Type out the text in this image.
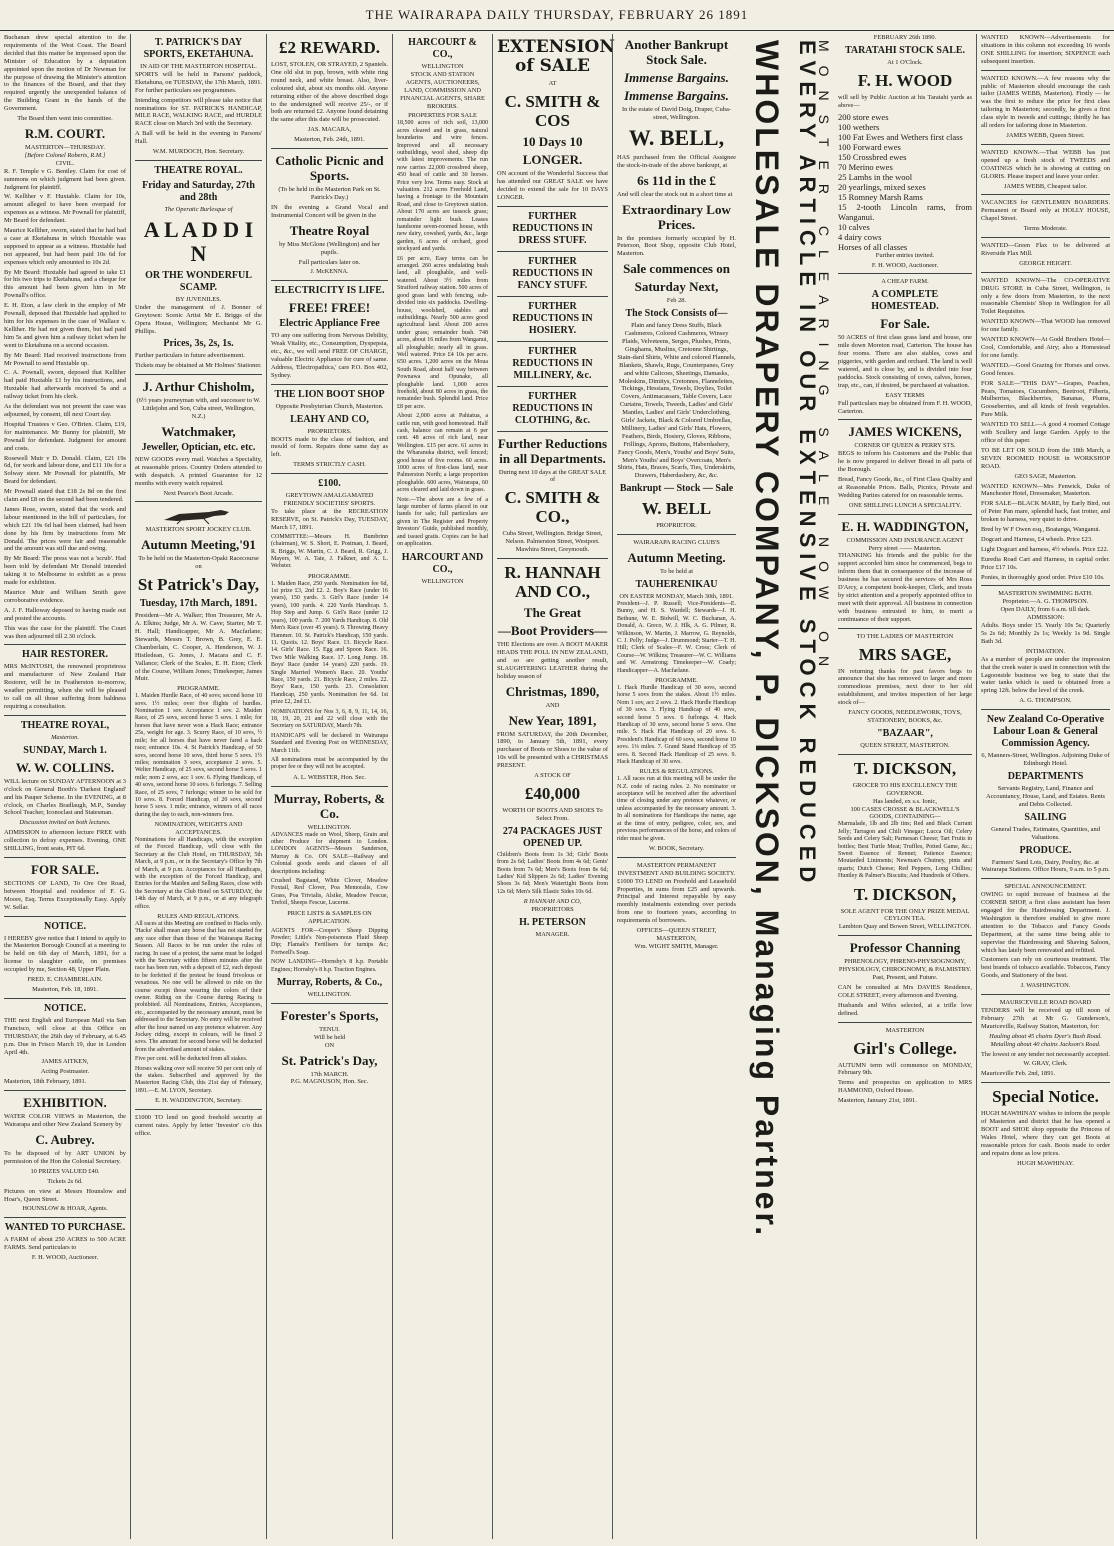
THE WAIRARAPA DAILY THURSDAY, FEBRUARY 26 1891

Buchanan drew special attention to the requirements of the West Coast. The Board decided that this matter be impressed upon the Minister of Education by a deputation appointed upon the motion of Dr Newman for the purpose of drawing the Minister's attention to the finances of the Board, and that they required urgently the unexpended balance of the Building Grant in the hands of the Government.

The Board then went into committee.

R.M. COURT.
MASTERTON—THURSDAY.
[Before Colonel Roberts, R.M.]
CIVIL.

R. F. Temple v G. Bentley. Claim for cost of summons on which judgment had been given. Judgment for plaintiff.

W. Kelliher v F. Huxtable. Claim for 10s, amount alleged to have been overpaid for expenses as a witness. Mr Pownall for plaintiff, Mr Beard for defendant.

Maurice Kelliher, sworn, stated that he had had a case at Eketahuna in which Huxtable was supposed to appear as a witness. Huxtable had not appeared, but had been paid 10s 6d for expenses which only amounted to 10s 2d.

By Mr Beard: Huxtable had agreed to take £1 for his two trips to Eketahuna, and a cheque for this amount had been given him in Mr Pownall's office.

E. H. Eton, a law clerk in the employ of Mr Pownall, deposed that Huxtable had applied to him for his expenses in the case of Wallace v. Kelliher. He had not given them, but had paid him 5s and given him a railway ticket when he went to Eketahuna on a second occasion.

By Mr Beard: Had received instructions from Mr Pownall to send Huxtable up.

C. A. Pownall, sworn, deposed that Kelliher had paid Huxtable £1 by his instructions, and Huxtable had afterwards received 5s and a railway ticket from his clerk.

As the defendant was not present the case was adjourned, by consent, till next Court day.

Hospital Trustees v Geo. O'Brien. Claim, £19, for maintenance. Mr Bunny for plaintiff, Mr Pownall for defendant. Judgment for amount and costs.

Rosewell Muir v D. Donald. Claim, £21 19s 6d, for work and labour done, and £11 10s for a Solway steer. Mr Pownall for plaintiffs, Mr Beard for defendant.

Mr Pownall stated that £18 2s 8d on the first claim and £8 on the second had been tendered.

James Rose, sworn, stated that the work and labour mentioned in the bill of particulars, for which £21 19s 6d had been claimed, had been done by his firm by instructions from Mr Donald. The prices were fair and reasonable and the amount was still due and owing.

By Mr Beard: The press was not a 'scrub'. Had been told by defendant Mr Donald intended taking it to Melbourne to exhibit as a press made for exhibition.

Maurice Muir and William Smith gave corroborative evidence.

A. J. F. Halloway deposed to having made out and posted the accounts.

This was the case for the plaintiff. The Court was then adjourned till 2.30 o'clock.

HAIR RESTORER.

MRS McINTOSH, the renowned proprietress and manufacturer of New Zealand Hair Restorer, will be in Featherston to-morrow, weather permitting, when she will be pleased to call on all those suffering from baldness requiring a consultation.

THEATRE ROYAL,
Masterton.
SUNDAY, March 1.
W. W. COLLINS.

WILL lecture on SUNDAY AFTERNOON at 3 o'clock on General Booth's 'Darkest England' and his Pauper Scheme. In the EVENING, at 8 o'clock, on Charles Bradlaugh, M.P., Sunday School Teacher, Iconoclast and Statesman.

Discussion invited on both lectures.

ADMISSION to afternoon lecture FREE with collection to defray expenses. Evening, ONE SHILLING, front seats, PIT 6d.

FOR SALE.

SECTIONS OF LAND, To Ore Ore Road, between Hospital and residence of F. G. Moore, Esq. Terms Exceptionally Easy. Apply W. Sellar.

NOTICE.

I HEREBY give notice that I intend to apply to the Masterton Borough Council at a meeting to be held on 6th day of March, 1891, for a license to slaughter cattle, on premises occupied by me, Section 48, Upper Plain.

FRED. E. CHAMBERLAIN.

Masterton, Feb. 18, 1891.

NOTICE.

THE next English and European Mail via San Francisco, will close at this Office on THURSDAY, the 26th day of February, at 6.45 p.m. Due in Frisco March 19, due in London April 4th.

JAMES AITKEN,

Acting Postmaster.

Masterton, 18th February, 1891.

EXHIBITION.

WATER COLOR VIEWS in Masterton, the Wairarapa and other New Zealand Scenery by

C. Aubrey.

To be disposed of by ART UNION by permission of the Hon the Colonial Secretary.

10 PRIZES VALUED £40.

Tickets 2s 6d.

Pictures on view at Messrs Hounslow and Hoar's, Queen Street.

HOUNSLOW & HOAR, Agents.

WANTED TO PURCHASE.

A FARM of about 250 ACRES to 500 ACRE FARMS. Send particulars to

F. H. WOOD, Auctioneer.

T. PATRICK'S DAY SPORTS, EKETAHUNA.
IN AID OF THE MASTERTON HOSPITAL.

SPORTS will be held in Parsons' paddock, Eketahuna, on TUESDAY, the 17th March, 1891. For further particulars see programmes.

Intending competitors will please take notice that nominations for ST. PATRICK'S HANDICAP, MILE RACE, WALKING RACE, and HURDLE RACE close on March 3rd with the Secretary.

A Ball will be held in the evening in Parsons' Hall.

W.M. MURDOCH, Hon. Secretary.

THEATRE ROYAL.
Friday and Saturday, 27th and 28th
The Operatic Burlesque of
A L A D D I N
OR THE WONDERFUL SCAMP.
BY JUVENILES.

Under the management of J. Bonner of Greytown: Scenic Artist Mr E. Briggs of the Opera House, Wellington; Mechanist Mr G. Phillips.

Prices, 3s, 2s, 1s.

Further particulars in future advertisement.

Tickets may be obtained at Mr Holmes' Stationer.

J. Arthur Chisholm,

(6½ years journeyman with, and successor to W. Littlejohn and Son, Cuba street, Wellington, N.Z.)

Watchmaker,
Jeweller, Optician, etc. etc.

NEW GOODS every mail. Watches a Speciality, at reasonable prices. Country Orders attended to with despatch. A printed Guarantee for 12 months with every watch repaired.

Next Pearce's Boot Arcade.

MASTERTON SPORT JOCKEY CLUB.
Autumn Meeting,'91
To be held on the Masterton-Opaki Racecourse on
St Patrick's Day,
Tuesday, 17th March, 1891.

President—Mr A. Walker; Hon Treasurer, Mr A. A. Elkins; Judge, Mr A. W. Cave; Starter, Mr T. H. Hall; Handicapper, Mr A. Macfarlane; Stewards, Messrs T. Brown, B. Grey, E. E. Chamberlain, C. Cooper, A. Henderson, W. J. Histledean, G. Jones, J. Macara and C. F. Vallance; Clerk of the Scales, E. H. Eton; Clerk of the Course, William Jones; Timekeeper, James Muir.

PROGRAMME.

1. Maiden Hurdle Race, of 40 sovs; second horse 10 sovs. 1½ miles; over five flights of hurdles. Nomination 1 sov. Acceptance 1 sov. 2. Maiden Race, of 25 sovs, second horse 5 sovs. 1 mile; for horses that have never won a Hack Race; entrance 25s, weight for age. 3. Scurry Race, of 10 sovs, ½ mile; for all horses that have never fared a hack race; entrance 10s. 4. St Patrick's Handicap, of 50 sovs, second horse 10 sovs, third horse 5 sovs. 1½ miles; nomination 3 sovs, acceptance 2 sovs. 5. Welter Handicap, of 25 sovs, second horse 5 sovs. 1 mile; nom 2 sovs, acc 1 sov. 6. Flying Handicap, of 40 sovs, second horse 10 sovs. 6 furlongs. 7. Selling Race, of 25 sovs, 7 furlongs; winner to be sold for 10 sovs. 8. Forced Handicap, of 20 sovs, second horse 5 sovs. 1 mile; entrance, winners of all races during the day to each, non-winners free.

NOMINATION, WEIGHTS AND ACCEPTANCES.

Nominations for all Handicaps, with the exception of the Forced Handicap, will close with the Secretary at the Club Hotel, on THURSDAY, 5th March, at 9 p.m., or in the Secretary's Office by 7th of March, at 9 p.m. Acceptances for all Handicaps, with the exception of the Forced Handicap, and Entries for the Maiden and Selling Races, close with the Secretary at the Club Hotel on SATURDAY, the 14th day of March, at 9 p.m., or at any telegraph office.

RULES AND REGULATIONS.

All races at this Meeting are confined to Hacks only. 'Hacks' shall mean any horse that has not started for any race other than those of the Wairarapa Racing Season. All Races to be run under the rules of racing. In case of a protest, the same must be lodged with the Secretary within fifteen minutes after the race has been run, with a deposit of £2, such deposit to be forfeited if the protest be found frivolous or vexatious. No one will be allowed to ride on the course except those wearing the colors of their owner. Riding on the Course during Racing is prohibited. All Nominations, Entries, Acceptances, etc., accompanied by the necessary amount, must be addressed to the Secretary. No entry will be received after the hour named on any pretence whatever. Any Jockey riding, except in colours, will be fined 2 sovs. The amount for second horse will be deducted from the advertised amount of stakes.

Five per cent. will be deducted from all stakes.

Horses walking over will receive 50 per cent only of the stakes. Subscribed and approved by the Masterton Racing Club, this 21st day of February, 1891.—E. M. LYON, Secretary.

E. H. WADDINGTON, Secretary.

£1000 TO lend on good freehold security at current rates. Apply by letter 'Investor' c/o this office.

£2 REWARD.

LOST, STOLEN, OR STRAYED, 2 Spaniels. One old slut in pup, brown, with white ring round neck, and white breast. Also, liver-coloured slut, about six months old. Anyone returning either of the above described dogs to the undersigned will receive 25/-, or if both are returned £2. Anyone found detaining the same after this date will be prosecuted.

JAS. MACARA,

Masterton, Feb. 24th, 1891.

Catholic Picnic and Sports.

(To be held in the Masterton Park on St. Patrick's Day.)

IN the evening a Grand Vocal and Instrumental Concert will be given in the

Theatre Royal

by Miss McGlone (Wellington) and her pupils.

Full particulars later on.

J. McKENNA.

ELECTRICITY IS LIFE.
FREE! FREE!
Electric Appliance Free

TO any one suffering from Nervous Debility, Weak Vitality, etc., Consumption, Dyspepsia, etc., &c., we will send FREE OF CHARGE, valuable Electric Appliance for cure of same. Address, 'Electropathica,' care P.O. Box 402, Sydney.

THE LION BOOT SHOP

Opposite Presbyterian Church, Masterton.

LEAHY AND CO,
PROPRIETORS.

BOOTS made to the class of fashion, and mould of form. Repairs done same day as left.

TERMS STRICTLY CASH.
£100.
GREYTOWN AMALGAMATED FRIENDLY SOCIETIES' SPORTS.

To take place at the RECREATION RESERVE, on St. Patrick's Day, TUESDAY, March 17, 1891.

COMMITTEE:—Messrs H. Bumbrinn (chairman), W. S. Short, E. Postman, J. Beard, R. Briggs, W. Martin, C. J. Beard, R. Grigg, J. Mayers, W. A. Tate, J. Falkner, and A. L. Webster.

PROGRAMME.

1. Maiden Race, 250 yards. Nomination fee 6d, 1st prize £3, 2nd £2. 2. Boy's Race (under 16 years), 150 yards. 3. Girl's Race (under 14 years), 100 yards. 4. 220 Yards Handicap. 5. Hop Step and Jump. 6. Girl's Race (under 12 years), 100 yards. 7. 200 Yards Handicap. 8. Old Men's Race (over 45 years). 9. Throwing Heavy Hammer. 10. St. Patrick's Handicap, 150 yards. 11. Quoits. 12. Boys' Race. 13. Bicycle Race. 14. Girls' Race. 15. Egg and Spoon Race. 16. Two Mile Walking Race. 17. Long Jump. 18. Boys' Race (under 14 years) 220 yards. 19. Single Married Women's Race. 20. Youths' Race, 150 yards. 21. Bicycle Race, 2 miles. 22. Boys' Race, 150 yards. 23. Consolation Handicap, 250 yards. Nomination fee 6d. 1st prize £2, 2nd £1.

NOMINATIONS for Nos 3, 6, 8, 9, 11, 14, 16, 18, 19, 20, 21 and 22 will close with the Secretary on SATURDAY, March 7th.

HANDICAPS will be declared in Wairarapa Standard and Evening Post on WEDNESDAY, March 11th.

All nominations must be accompanied by the proper fee or they will not be accepted.

A. L. WEBSTER, Hon. Sec.

Murray, Roberts, & Co.
WELLINGTON.

ADVANCES made on Wool, Sheep, Grain and other Produce for shipment to London. LONDON AGENTS—Messrs Sanderson, Murray & Co. ON SALE—Railway and Colonial goods seeds and classes of all descriptions including:

Crushed Bagstand, White Clover, Meadow Foxtail, Red Clover, Poa Memoralis, Cow Grass, Poa Trivialis, Alsike, Meadow Fescue, Trefoil, Sheeps Fescue, Lucerne.

PRICE LISTS & SAMPLES ON APPLICATION.

AGENTS FOR—Cooper's Sheep Dipping Powder; Little's Non-poisonous Fluid Sheep Dip; Flamak's Fertilisers for turnips &c; Fortwell's Soap.

NOW LANDING—Hornsby's 8 h.p. Portable Engines; Hornsby's 8 h.p. Traction Engines.

Murray, Roberts, & Co.,
WELLINGTON.
Forester's Sports,
TENUI.
Will be held
ON
St. Patrick's Day,
17th MARCH.

P.G. MAGNUSON, Hon. Sec.

HARCOURT & CO.,
WELLINGTON

STOCK AND STATION AGENTS, AUCTIONEERS, LAND, COMMISSION AND FINANCIAL AGENTS, SHARE BROKERS.

PROPERTIES FOR SALE

18,500 acres of rich soil, 13,000 acres cleared and in grass, natural boundaries and wire fences. Improved and all necessary outbuildings, wool shed, sheep dip with latest improvements. The run now carries 22,000 crossbred sheep, 450 head of cattle and 30 horses. Price very low. Terms easy. Stock at valuation. 212 acres Freehold Land, having a frontage to the Mountain Road, and close to Greytown station. About 170 acres are tussock grass; remainder light bush. Leases handsome seven-roomed house, with new dairy, cowshed, yards, &c., large garden, 6 acres of orchard, good stockyard and yards.

£6 per acre, Easy terms can be arranged. 260 acres undulating bush land, all ploughable, and well-watered. About 3½ miles from Stratford railway station. 500 acres of good grass land with fencing, sub-divided into six paddocks. Dwelling-house, woolshed, stables and outbuildings. Nearly 500 acres good agricultural land. About 200 acres under grass; remainder bush. 748 acres, about 16 miles from Wanganui, all ploughable; nearly all in grass. Well watered. Price £4 10s per acre. 650 acres. 1,200 acres on the Moua South Road, about half way between Pownawa and Opunake, all ploughable land. 1,000 acres freehold, about 80 acres in grass, the remainder bush. Splendid land. Price £8 per acre.

About 2,000 acres at Pahiatua, a cattle run, with good homestead. Half cash, balance can remain at 6 per cent. 48 acres of rich land, near Wellington. £15 per acre. 61 acres in the Wharanuka district, well fenced; good house of five rooms. 60 acres. 1000 acres of first-class land, near Palmerston North; a large proportion ploughable. 600 acres, Wairarapa, 60 acres cleared and laid down in grass.

Note.—The above are a few of a large number of farms placed in our hands for sale; full particulars are given in The Register and Property Investors' Guide, published monthly, and issued gratis. Copies can be had on application.

HARCOURT AND CO.,
WELLINGTON
EXTENSION of SALE
AT
C. SMITH & COS
10 Days 10
LONGER.

ON account of the Wonderful Success that has attended our GREAT SALE we have decided to extend the sale for 10 DAYS LONGER.

FURTHER REDUCTIONS IN DRESS STUFF.
FURTHER REDUCTIONS IN FANCY STUFF.
FURTHER REDUCTIONS IN HOSIERY.
FURTHER REDUCTIONS IN MILLINERY, &c.
FURTHER REDUCTIONS IN CLOTHING, &c.
Further Reductions in all Departments.

During next 10 days at the GREAT SALE of

C. SMITH & CO.,

Cuba Street, Wellington. Bridge Street, Nelson. Palmerston Street, Westport. Mawhira Street, Greymouth.

R. HANNAH AND CO.,
The Great
—Boot Providers—

THE Elections are over. A BOOT MAKER HEADS THE POLL IN NEW ZEALAND, and so are getting another result, SLAUGHTERING LEATHER during the holiday season of

Christmas, 1890,
AND
New Year, 1891,

FROM SATURDAY, the 20th December, 1890, to January 5th, 1891, every purchaser of Boots or Shoes to the value of 10s will be presented with a CHRISTMAS PRESENT.

A STOCK OF
£40,000
WORTH OF BOOTS AND SHOES To Select From.
274 PACKAGES JUST OPENED UP.

Children's Boots from 1s 3d; Girls' Boots from 2s 6d; Ladies' Boots from 4s 6d; Gents' Boots from 7s 6d; Men's Boots from 8s 6d; Ladies' Kid Slippers 2s 6d; Ladies' Evening Shoes 3s 6d; Men's Watertight Boots from 12s 6d; Men's Silk Elastic Sides 10s 6d.

R HANNAH AND CO,
PROPRIETORS
H. PETERSON
MANAGER.
Another Bankrupt Stock Sale.
Immense Bargains.
Immense Bargains.

In the estate of David Doig, Draper, Cuba-street, Wellington.

W. BELL,

HAS purchased from the Official Assignee the stock-in-trade of the above bankrupt, at

6s 11d in the £

And will clear the stock out in a short time at

Extraordinary Low Prices.

In the premises formerly occupied by H. Peterson, Boot Shop, opposite Club Hotel, Masterton.

Sale commences on
Saturday Next,
Feb 28.
The Stock Consists of—

Plain and fancy Dress Stuffs, Black Cashmeres, Colored Cashmeres, Winsey Plaids, Velveteens, Serges, Plushes, Prints, Ginghams, Muslins, Cretonne Shirtings, Stain-dard Shirts, White and colored Flannels, Blankets, Shawls, Rugs, Counterpanes, Grey and white Calicoes, Sheetings, Damasks, Moleskins, Dimitys, Cretonnes, Flannelettes, Tickings, Hessians, Towels, Doylies, Toilet Covers, Antimacassars, Table Covers, Lace Curtains, Towels, Tweeds, Ladies' and Girls' Mantles, Ladies' and Girls' Underclothing, Girls' Jackets, Black & Colored Umbrellas, Millinery, Ladies' and Girls' Hats, Flowers, Feathers, Birds, Hosiery, Gloves, Ribbons, Frillings, Aprons, Buttons, Haberdashery, Fancy Goods, Men's, Youths' and Boys' Suits, Men's Youths' and Boys' Overcoats, Men's Shirts, Hats, Braces, Scarfs, Ties, Underskirts, Drawers, Haberdashery, &c, &c.

Bankrupt — Stock — Sale
W. BELL
PROPRIETOR.
WAIRARAPA RACING CLUB'S
Autumn Meeting.
To be held at
TAUHERENIKAU
ON EASTER MONDAY, March 30th, 1891.

President—J. P. Russell; Vice-Presidents—E. Bunny, and H. S. Wardell; Stewards—J. H. Bethune, W. E. Bidwill, W. C. Buchanan, A. Donald, A. Greco, W. J. Hlk, A. G. Pilmer, R. Wilkinson, W. Martin, J. Marrow, G. Reynolds, C. J. Pelly; Judge—J. Drummond; Starter—T. H. Hill; Clerk of Scales—F. W. Cross; Clerk of Course—W. Wilkins; Treasurer—W. C. Williams and W. Armstrong; Timekeeper—W. Coady; Handicapper—A. Macfarlane.

PROGRAMME.

1. Hack Hurdle Handicap of 30 sovs, second horse 5 sovs from the stakes. About 1½ miles. Nom 1 sov, acc 2 sovs. 2. Hack Hurdle Handicap of 30 sovs. 3. Flying Handicap of 40 sovs, second horse 5 sovs. 6 furlongs. 4. Hack Handicap of 30 sovs, second horse 5 sovs. One mile. 5. Hack Flat Handicap of 20 sovs. 6. President's Handicap of 60 sovs, second horse 10 sovs. 1¼ miles. 7. Grand Stand Handicap of 35 sovs. 8. Second Hack Handicap of 25 sovs. 9. Hack Handicap of 30 sovs.

RULES & REGULATIONS.

1. All races run at this meeting will be under the N.Z. code of racing rules. 2. No nominator or acceptance will be received after the advertised time of closing under any pretence whatever, or unless accompanied by the necessary amount. 3. In all nominations for Handicaps the name, age at the time of entry, pedigree, color, sex, and previous performances of the horse, and colors of rider must be given.

W. BOOK, Secretary.

MASTERTON PERMANENT INVESTMENT AND BUILDING SOCIETY.

£1000 TO LEND on Freehold and Leasehold Properties, in sums from £25 and upwards. Principal and Interest repayable by easy monthly instalments extending over periods from one to fourteen years, according to requirements of borrowers.

OFFICES—QUEEN STREET, MASTERTON,
Wm. WIGHT SMITH, Manager. WHOLESALE DRAPERY COMPANY, P. DICKSON, Managing Partner. EVERY ARTICLE IN OUR EXTENSIVE STOCK REDUCED
MONSTER CLEARING SALE NOW ON
FEBRUARY 26th 1890.
TARATAHI STOCK SALE.
At 1 O'Clock.
F. H. WOOD

will sell by Public Auction at his Taratahi yards as above—

200 store ewes
100 wethers
100 Fat Ewes and Wethers first class
100 Forward ewes
150 Crossbred ewes
70 Merino ewes
25 Lambs in the wool
20 yearlings, mixed sexes
15 Romney Marsh Rams
15 2-tooth Lincoln rams, from Wanganui.
10 calves
4 dairy cows
Horses of all classes

Further entries invited.

F. H. WOOD, Auctioneer.

A CHEAP FARM.
A COMPLETE HOMESTEAD.
For Sale.

50 ACRES of first class grass land and house, one mile down Moreton road, Carterton. The house has four rooms. There are also stables, cows and piggeries, with garden and orchard. The land is well watered, and is close by, and is divided into four paddocks. Stock consisting of cows, calves, horses, trap, etc., can, if desired, be purchased at valuation.

EASY TERMS

Full particulars may be obtained from F. H. WOOD, Carterton.

JAMES WICKENS,
CORNER OF QUEEN & PERRY STS.

BEGS to inform his Customers and the Public that he is now prepared to deliver Bread in all parts of the Borough.

Bread, Fancy Goods, &c., of First Class Quality and at Reasonable Prices. Balls, Picnics, Private and Wedding Parties catered for on reasonable terms.

ONE SHILLING LUNCH A SPECIALITY.
E. H. WADDINGTON,
COMMISSION AND INSURANCE AGENT
Perry street —— Masterton.

THANKING his friends and the public for the support accorded him since he commenced, begs to inform them that in consequence of the increase of business he has secured the services of Mrs Ross D'Arcy, a competent book-keeper, Clerk, and treats by strict attention and a properly appointed office to meet with their approval. All business in connection with business entrusted to him, to merit a continuance of their support.

TO THE LADIES OF MASTERTON
MRS SAGE,

IN returning thanks for past favors begs to announce that she has removed to larger and more commodious premises, next door to her old establishment, and invites inspection of her large stock of—

FANCY GOODS, NEEDLEWORK, TOYS, STATIONERY, BOOKS, &c.

"BAZAAR",
QUEEN STREET, MASTERTON.
T. DICKSON,
GROCER TO HIS EXCELLENCY THE GOVERNOR.
Has landed, ex s.s. Ionic,
100 CASES CROSSE & BLACKWELL'S GOODS, CONTAINING—

Marmalade, 1lb and 2lb tins; Red and Black Currant Jelly; Tarragon and Chili Vinegar; Lucca Oil; Celery Seeds and Celery Salt; Parmesan Cheese; Tart Fruits in bottles; Best Turtle Meat; Truffles, Potted Game, &c.; Sweet Essence of Rennet; Patience Essence; Moutarded Liniments; Newman's Chutney, pints and quarts; Dutch Cheese; Red Peppers, Long Chillies; Huntley & Palmer's Biscuits; And Hundreds of Others.

T. DICKSON,
SOLE AGENT FOR THE ONLY PRIZE MEDAL CEYLON TEA.
Lambton Quay and Bowen Street, WELLINGTON.
Professor Channing

PHRENOLOGY, PHRENO-PHYSIOGNOMY, PHYSIOLOGY, CHIROGNOMY, & PALMISTRY. Past, Present, and Future.

CAN be consulted at Mrs DAVIES Residence, COLE STREET, every afternoon and Evening.

Husbands and Wifes selected, at a trifle love defined.

MASTERTON
Girl's College.

AUTUMN term will commence on MONDAY, February 9th.

Terms and prospectus on application to MRS HAMMOND, Oxford House.

Masterton, January 21st, 1891.

WANTED KNOWN—Advertisements for situations in this column not exceeding 16 words ONE SHILLING for insertion; SIXPENCE each subsequent insertion.

WANTED KNOWN.—A few reasons why the public of Masterton should encourage the cash tailor (JAMES WEBB, Masterton). Firstly — he was the first to reduce the price for first class tailoring in Masterton; secondly, he gives a first class style in tweeds and cuttings; thirdly he has all orders for tailoring done in Masterton.

JAMES WEBB, Queen Street.

WANTED KNOWN.—That WEBB has just opened up a fresh stock of TWEEDS and COATINGS which he is showing at cutting on GLORIS. Please inspect and leave your order.

JAMES WEBB, Cheapest tailor.

VACANCIES for GENTLEMEN BOARDERS. Permanent or Board only at HOLLY HOUSE, Chapel Street.

Terms Moderate.

WANTED—Green Flax to be delivered at Riverside Flax Mill.

GEORGE HEIGHT.

WANTED KNOWN—The CO-OPERATIVE DRUG STORE in Cuba Street, Wellington, is only a few doors from Masterton, to the next reasonable Chemists' Shop in Wellington for all Toilet Requisites.

WANTED KNOWN—That WOOD has removed for one family.

WANTED KNOWN—At Godd Brothers Hotel—Cool, Comfortable, and Airy; also a Homestead for one family.

WANTED.—Good Grazing for Horses and cows. Good fences.

FOR SALE—"THIS DAY"—Grapes, Peaches, Pears, Tomatoes, Cucumbers, Beetroot, Filberts, Mulberries, Blackberries, Bananas, Plums, Gooseberries, and all kinds of fresh vegetables. Pure Milk.

WANTED TO SELL—A good 4 roomed Cottage with Scullery and large Garden. Apply to the office of this paper.

TO BE LET OR SOLD from the 18th March, a SEVEN ROOMED HOUSE in WORKSHOP ROAD.

GEO SAGE, Masterton.

WANTED KNOWN—Mrs Fenwick, Duke of Manchester Hotel, Dressmaker, Masterton.

FOR SALE—BLACK MARE, by Early Bird, out of Peter Pan mare, splendid hack, fast trotter, and broken to harness, very quiet to drive.

Bred by W F Owen esq., Boatanga, Wanganui.

Dogcart and Harness, £4 wheels. Price £23.

Light Dogcart and harness, 4½ wheels. Price £22.

Euredia Road Cart and Harness, in capital order. Price £17 10s.

Ponies, in thoroughly good order. Price £10 10s.

MASTERTON SWIMMING BATH.
Proprietor.—A. G. THOMPSON.
Open DAILY, from 6 a.m. till dark.
ADMISSION:

Adults. Boys under 15. Yearly 10s 5s; Quarterly 5s 2s 6d; Monthly 2s 1s; Weekly 1s 9d. Single Bath 3d.

INTIMATION.

As a number of people are under the impression that the creek water is used in connection with the Lagoonside business we beg to state that the water tanks which is used is obtained from a spring 12ft. below the level of the creek.

A. G. THOMPSON.

New Zealand Co-Operative Labour Loan & General Commission Agency.

6, Manners-Street, Wellington. Adjoining Duke of Edinburgh Hotel.

DEPARTMENTS

Servants Registry, Land, Finance and Accountancy, House, Land, and Estates. Rents and Debts Collected.

SAILING

General Trades, Estimates, Quantities, and Valuations.

PRODUCE.

Farmers' Sand Lots, Dairy, Poultry, &c. at Wairarapa Stations. Office Hours, 9 a.m. to 5 p.m.

SPECIAL ANNOUNCEMENT.

OWING to rapid increase of business at the CORNER SHOP, a first class assistant has been engaged for the Hairdressing Department. J. Washington is therefore enabled to give more attention to the Tobacco and Fancy Goods Department, at the same time being able to supervise the Hairdressing and Shaving Saloon, which has lately been renovated and refitted.

Customers can rely on courteous treatment. The best brands of tobacco available. Tobaccos, Fancy Goods, and Stationery of the best.

J. WASHINGTON.

MAURICEVILLE ROAD BOARD

TENDERS will be received up till noon of February 27th at Mr G. Gunderson's, Mauriceville, Railway Station, Masterton, for:

Hauling about 45 chains Dyer's Bush Road. Metalling about 40 chains Jackson's Road.

The lowest or any tender not necessarily accepted.

W. GRAY, Clerk.

Mauriceville Feb. 2nd, 1891.

Special Notice.

HUGH MAWHINAY wishes to inform the people of Masterton and district that he has opened a BOOT and SHOE shop opposite the Princess of Wales Hotel, where they can get Boots at reasonable prices for cash. Boots made to order and repairs done as low prices.

HUGH MAWHINAY.
